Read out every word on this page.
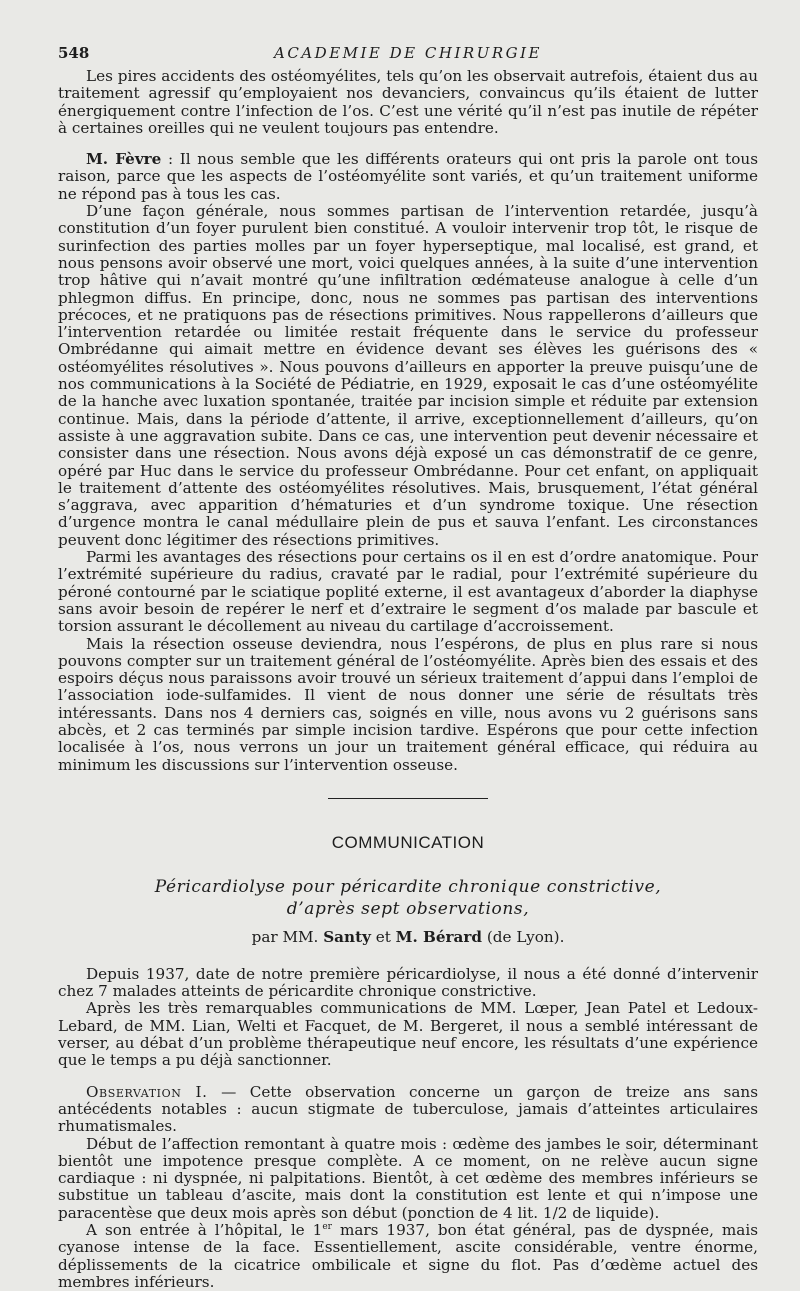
548	ACADEMIE DE CHIRURGIE

Les pires accidents des ostéomyélites, tels qu’on les observait autrefois, étaient dus au traitement agressif qu’employaient nos devanciers, convaincus qu’ils étaient de lutter énergiquement contre l’infection de l’os. C’est une vérité qu’il n’est pas inutile de répéter à certaines oreilles qui ne veulent toujours pas entendre.

M. Fèvre : Il nous semble que les différents orateurs qui ont pris la parole ont tous raison, parce que les aspects de l’ostéomyélite sont variés, et qu’un traitement uniforme ne répond pas à tous les cas.

D’une façon générale, nous sommes partisan de l’intervention retardée, jusqu’à constitution d’un foyer purulent bien constitué. A vouloir intervenir trop tôt, le risque de surinfection des parties molles par un foyer hyperseptique, mal localisé, est grand, et nous pensons avoir observé une mort, voici quelques années, à la suite d’une intervention trop hâtive qui n’avait montré qu’une infiltration œdémateuse analogue à celle d’un phlegmon diffus. En principe, donc, nous ne sommes pas partisan des interventions précoces, et ne pratiquons pas de résections primitives. Nous rappellerons d’ailleurs que l’intervention retardée ou limitée restait fréquente dans le service du professeur Ombrédanne qui aimait mettre en évidence devant ses élèves les guérisons des « ostéomyélites résolutives ». Nous pouvons d’ailleurs en apporter la preuve puisqu’une de nos communications à la Société de Pédiatrie, en 1929, exposait le cas d’une ostéomyélite de la hanche avec luxation spontanée, traitée par incision simple et réduite par extension continue. Mais, dans la période d’attente, il arrive, exceptionnellement d’ailleurs, qu’on assiste à une aggravation subite. Dans ce cas, une intervention peut devenir nécessaire et consister dans une résection. Nous avons déjà exposé un cas démonstratif de ce genre, opéré par Huc dans le service du professeur Ombrédanne. Pour cet enfant, on appliquait le traitement d’attente des ostéomyélites résolutives. Mais, brusquement, l’état général s’aggrava, avec apparition d’hématuries et d’un syndrome toxique. Une résection d’urgence montra le canal médullaire plein de pus et sauva l’enfant. Les circonstances peuvent donc légitimer des résections primitives.

Parmi les avantages des résections pour certains os il en est d’ordre anatomique. Pour l’extrémité supérieure du radius, cravaté par le radial, pour l’extrémité supérieure du péroné contourné par le sciatique poplité externe, il est avantageux d’aborder la diaphyse sans avoir besoin de repérer le nerf et d’extraire le segment d’os malade par bascule et torsion assurant le décollement au niveau du cartilage d’accroissement.

Mais la résection osseuse deviendra, nous l’espérons, de plus en plus rare si nous pouvons compter sur un traitement général de l’ostéomyélite. Après bien des essais et des espoirs déçus nous paraissons avoir trouvé un sérieux traitement d’appui dans l’emploi de l’association iode-sulfamides. Il vient de nous donner une série de résultats très intéressants. Dans nos 4 derniers cas, soignés en ville, nous avons vu 2 guérisons sans abcès, et 2 cas terminés par simple incision tardive. Espérons que pour cette infection localisée à l’os, nous verrons un jour un traitement général efficace, qui réduira au minimum les discussions sur l’intervention osseuse.

COMMUNICATION
Péricardiolyse pour péricardite chronique constrictive,
d’après sept observations,
par MM. Santy et M. Bérard (de Lyon).

Depuis 1937, date de notre première péricardiolyse, il nous a été donné d’intervenir chez 7 malades atteints de péricardite chronique constrictive.

Après les très remarquables communications de MM. Lœper, Jean Patel et Ledoux-Lebard, de MM. Lian, Welti et Facquet, de M. Bergeret, il nous a semblé intéressant de verser, au débat d’un problème thérapeutique neuf encore, les résultats d’une expérience que le temps a pu déjà sanctionner.

Observation I. — Cette observation concerne un garçon de treize ans sans antécédents notables : aucun stigmate de tuberculose, jamais d’atteintes articulaires rhumatismales.

Début de l’affection remontant à quatre mois : œdème des jambes le soir, déterminant bientôt une impotence presque complète. A ce moment, on ne relève aucun signe cardiaque : ni dyspnée, ni palpitations. Bientôt, à cet œdème des membres inférieurs se substitue un tableau d’ascite, mais dont la constitution est lente et qui n’impose une paracentèse que deux mois après son début (ponction de 4 lit. 1/2 de liquide).

A son entrée à l’hôpital, le 1er mars 1937, bon état général, pas de dyspnée, mais cyanose intense de la face. Essentiellement, ascite considérable, ventre énorme, déplissements de la cicatrice ombilicale et signe du flot. Pas d’œdème actuel des membres inférieurs.
